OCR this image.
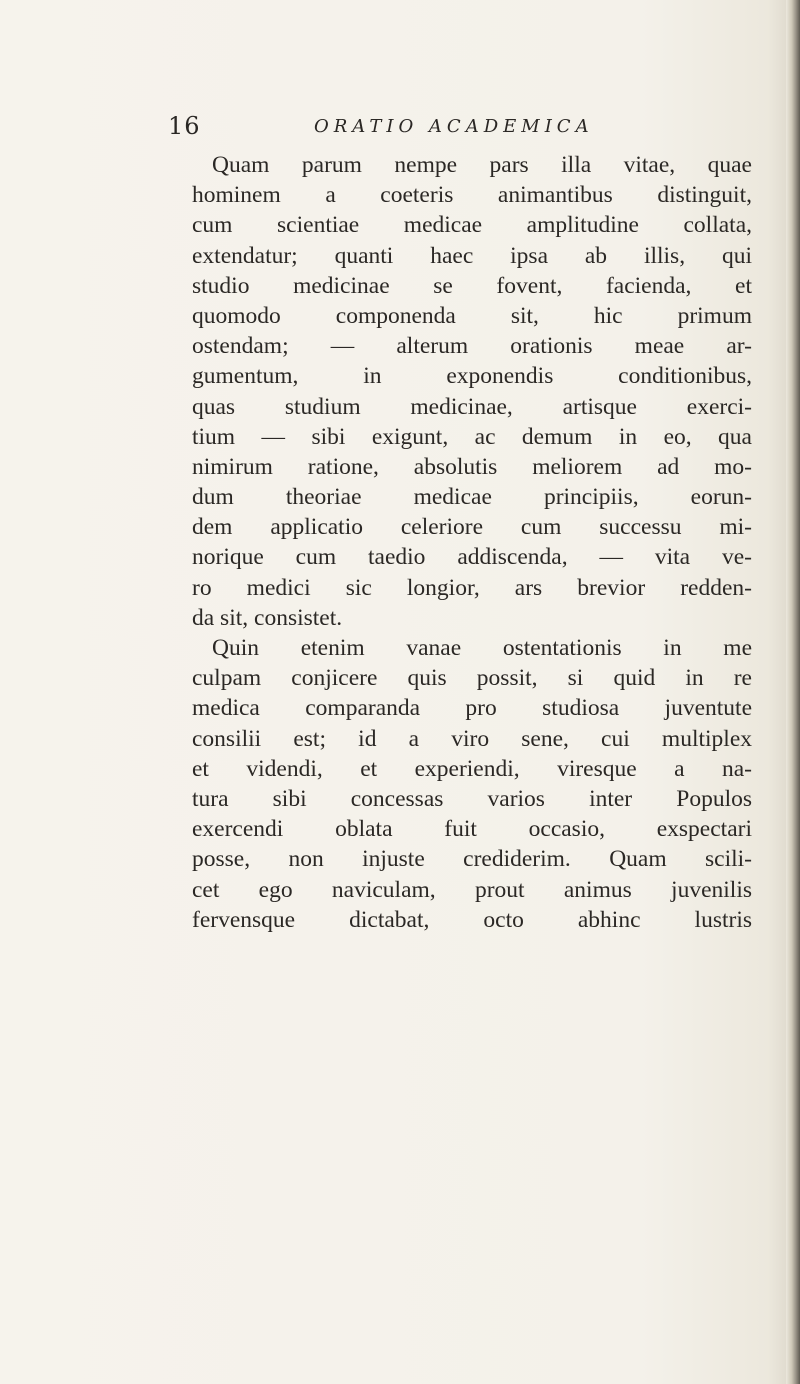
16	ORATIO ACADEMICA
Quam parum nempe pars illa vitae, quae
hominem a coeteris animantibus distinguit,
cum scientiae medicae amplitudine collata,
extendatur; quanti haec ipsa ab illis, qui
studio medicinae se fovent, facienda, et
quomodo componenda sit, hic primum
ostendam; — alterum orationis meae ar-
gumentum, in exponendis conditionibus,
quas studium medicinae, artisque exerci-
tium — sibi exigunt, ac demum in eo, qua
nimirum ratione, absolutis meliorem ad mo-
dum theoriae medicae principiis, eorun-
dem applicatio celeriore cum successu mi-
norique cum taedio addiscenda, — vita ve-
ro medici sic longior, ars brevior redden-
da sit, consistet.
Quin etenim vanae ostentationis in me
culpam conjicere quis possit, si quid in re
medica comparanda pro studiosa juventute
consilii est; id a viro sene, cui multiplex
et videndi, et experiendi, viresque a na-
tura sibi concessas varios inter Populos
exercendi oblata fuit occasio, exspectari
posse, non injuste crediderim. Quam scili-
cet ego naviculam, prout animus juvenilis
fervensque dictabat, octo abhinc lustris
